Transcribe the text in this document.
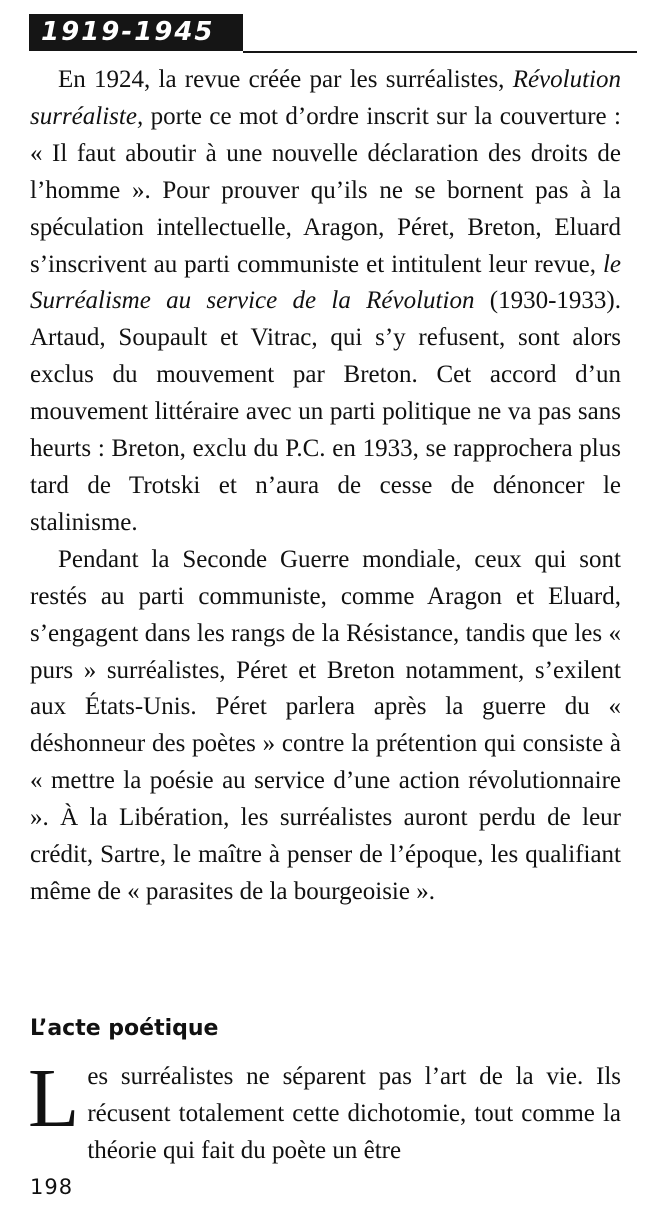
1919-1945

En 1924, la revue créée par les surréalistes, Révolution surréaliste, porte ce mot d’ordre inscrit sur la couverture : « Il faut aboutir à une nouvelle déclaration des droits de l’homme ». Pour prouver qu’ils ne se bornent pas à la spéculation intellectuelle, Aragon, Péret, Breton, Eluard s’inscrivent au parti communiste et intitulent leur revue, le Surréalisme au service de la Révolution (1930-1933). Artaud, Soupault et Vitrac, qui s’y refusent, sont alors exclus du mouvement par Breton. Cet accord d’un mouvement littéraire avec un parti politique ne va pas sans heurts : Breton, exclu du P.C. en 1933, se rapprochera plus tard de Trotski et n’aura de cesse de dénoncer le stalinisme.

Pendant la Seconde Guerre mondiale, ceux qui sont restés au parti communiste, comme Aragon et Eluard, s’engagent dans les rangs de la Résistance, tandis que les « purs » surréalistes, Péret et Breton notamment, s’exilent aux États-Unis. Péret parlera après la guerre du « déshonneur des poètes » contre la prétention qui consiste à « mettre la poésie au service d’une action révolutionnaire ». À la Libération, les surréalistes auront perdu de leur crédit, Sartre, le maître à penser de l’époque, les qualifiant même de « parasites de la bourgeoisie ».

L’acte poétique
Les surréalistes ne séparent pas l’art de la vie. Ils récusent totalement cette dichotomie, tout comme la théorie qui fait du poète un être
198
